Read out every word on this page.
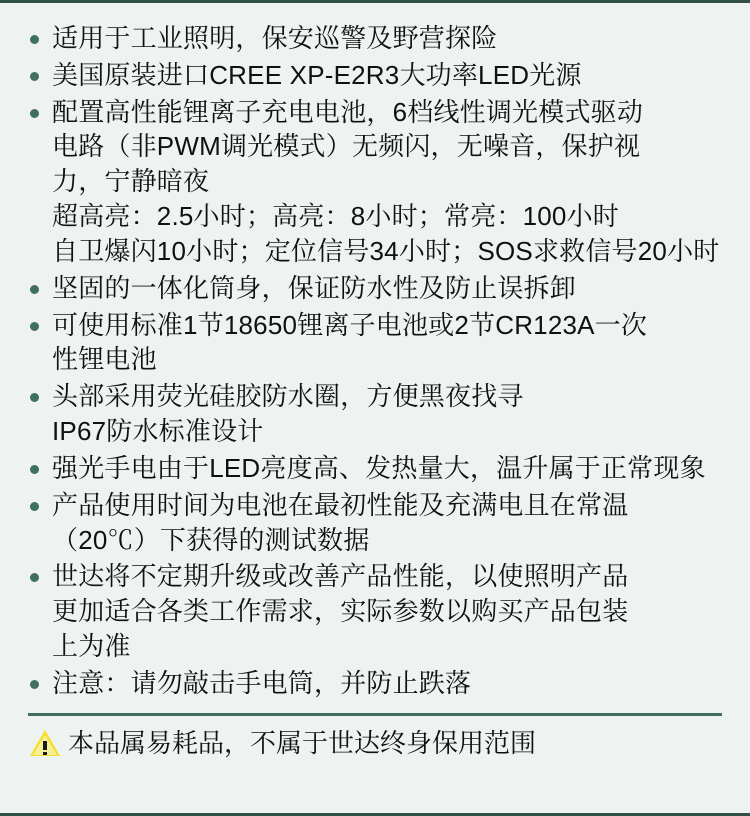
适用于工业照明，保安巡警及野营探险
美国原装进口CREE XP-E2R3大功率LED光源
配置高性能锂离子充电电池，6档线性调光模式驱动
电路（非PWM调光模式）无频闪，无噪音，保护视
力，宁静暗夜
超高亮：2.5小时；高亮：8小时；常亮：100小时
自卫爆闪10小时；定位信号34小时；SOS求救信号20小时
坚固的一体化筒身，保证防水性及防止误拆卸
可使用标准1节18650锂离子电池或2节CR123A一次
性锂电池
头部采用荧光硅胶防水圈，方便黑夜找寻
IP67防水标准设计
强光手电由于LED亮度高、发热量大，温升属于正常现象
产品使用时间为电池在最初性能及充满电且在常温
（20℃）下获得的测试数据
世达将不定期升级或改善产品性能，以使照明产品
更加适合各类工作需求，实际参数以购买产品包装
上为准
注意：请勿敲击手电筒，并防止跌落
本品属易耗品，不属于世达终身保用范围
